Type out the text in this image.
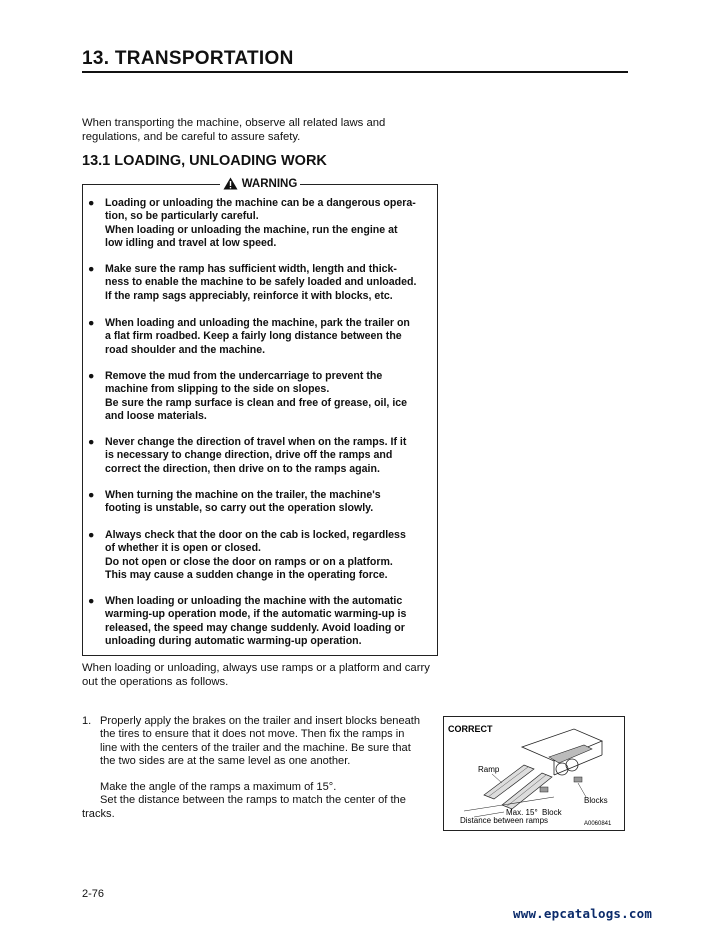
13. TRANSPORTATION
When transporting the machine, observe all related laws and regulations, and be careful to assure safety.
13.1 LOADING, UNLOADING WORK
WARNING
● Loading or unloading the machine can be a dangerous opera-
tion, so be particularly careful.
When loading or unloading the machine, run the engine at
low idling and travel at low speed.
● Make sure the ramp has sufficient width, length and thick-
ness to enable the machine to be safely loaded and unloaded.
If the ramp sags appreciably, reinforce it with blocks, etc.
● When loading and unloading the machine, park the trailer on
a flat firm roadbed. Keep a fairly long distance between the
road shoulder and the machine.
● Remove the mud from the undercarriage to prevent the
machine from slipping to the side on slopes.
Be sure the ramp surface is clean and free of grease, oil, ice
and loose materials.
● Never change the direction of travel when on the ramps. If it
is necessary to change direction, drive off the ramps and
correct the direction, then drive on to the ramps again.
● When turning the machine on the trailer, the machine's
footing is unstable, so carry out the operation slowly.
● Always check that the door on the cab is locked, regardless
of whether it is open or closed.
Do not open or close the door on ramps or on a platform.
This may cause a sudden change in the operating force.
● When loading or unloading the machine with the automatic
warming-up operation mode, if the automatic warming-up is
released, the speed may change suddenly. Avoid loading or
unloading during automatic warming-up operation.
When loading or unloading, always use ramps or a platform and carry out the operations as follows.
1. Properly apply the brakes on the trailer and insert blocks beneath
the tires to ensure that it does not move. Then fix the ramps in
line with the centers of the trailer and the machine. Be sure that
the two sides are at the same level as one another.
Make the angle of the ramps a maximum of 15°.
Set the distance between the ramps to match the center of the
tracks.
CORRECT
Ramp
Blocks
Max. 15° Block
Distance between ramps	A0060841
2-76
www.epcatalogs.com
